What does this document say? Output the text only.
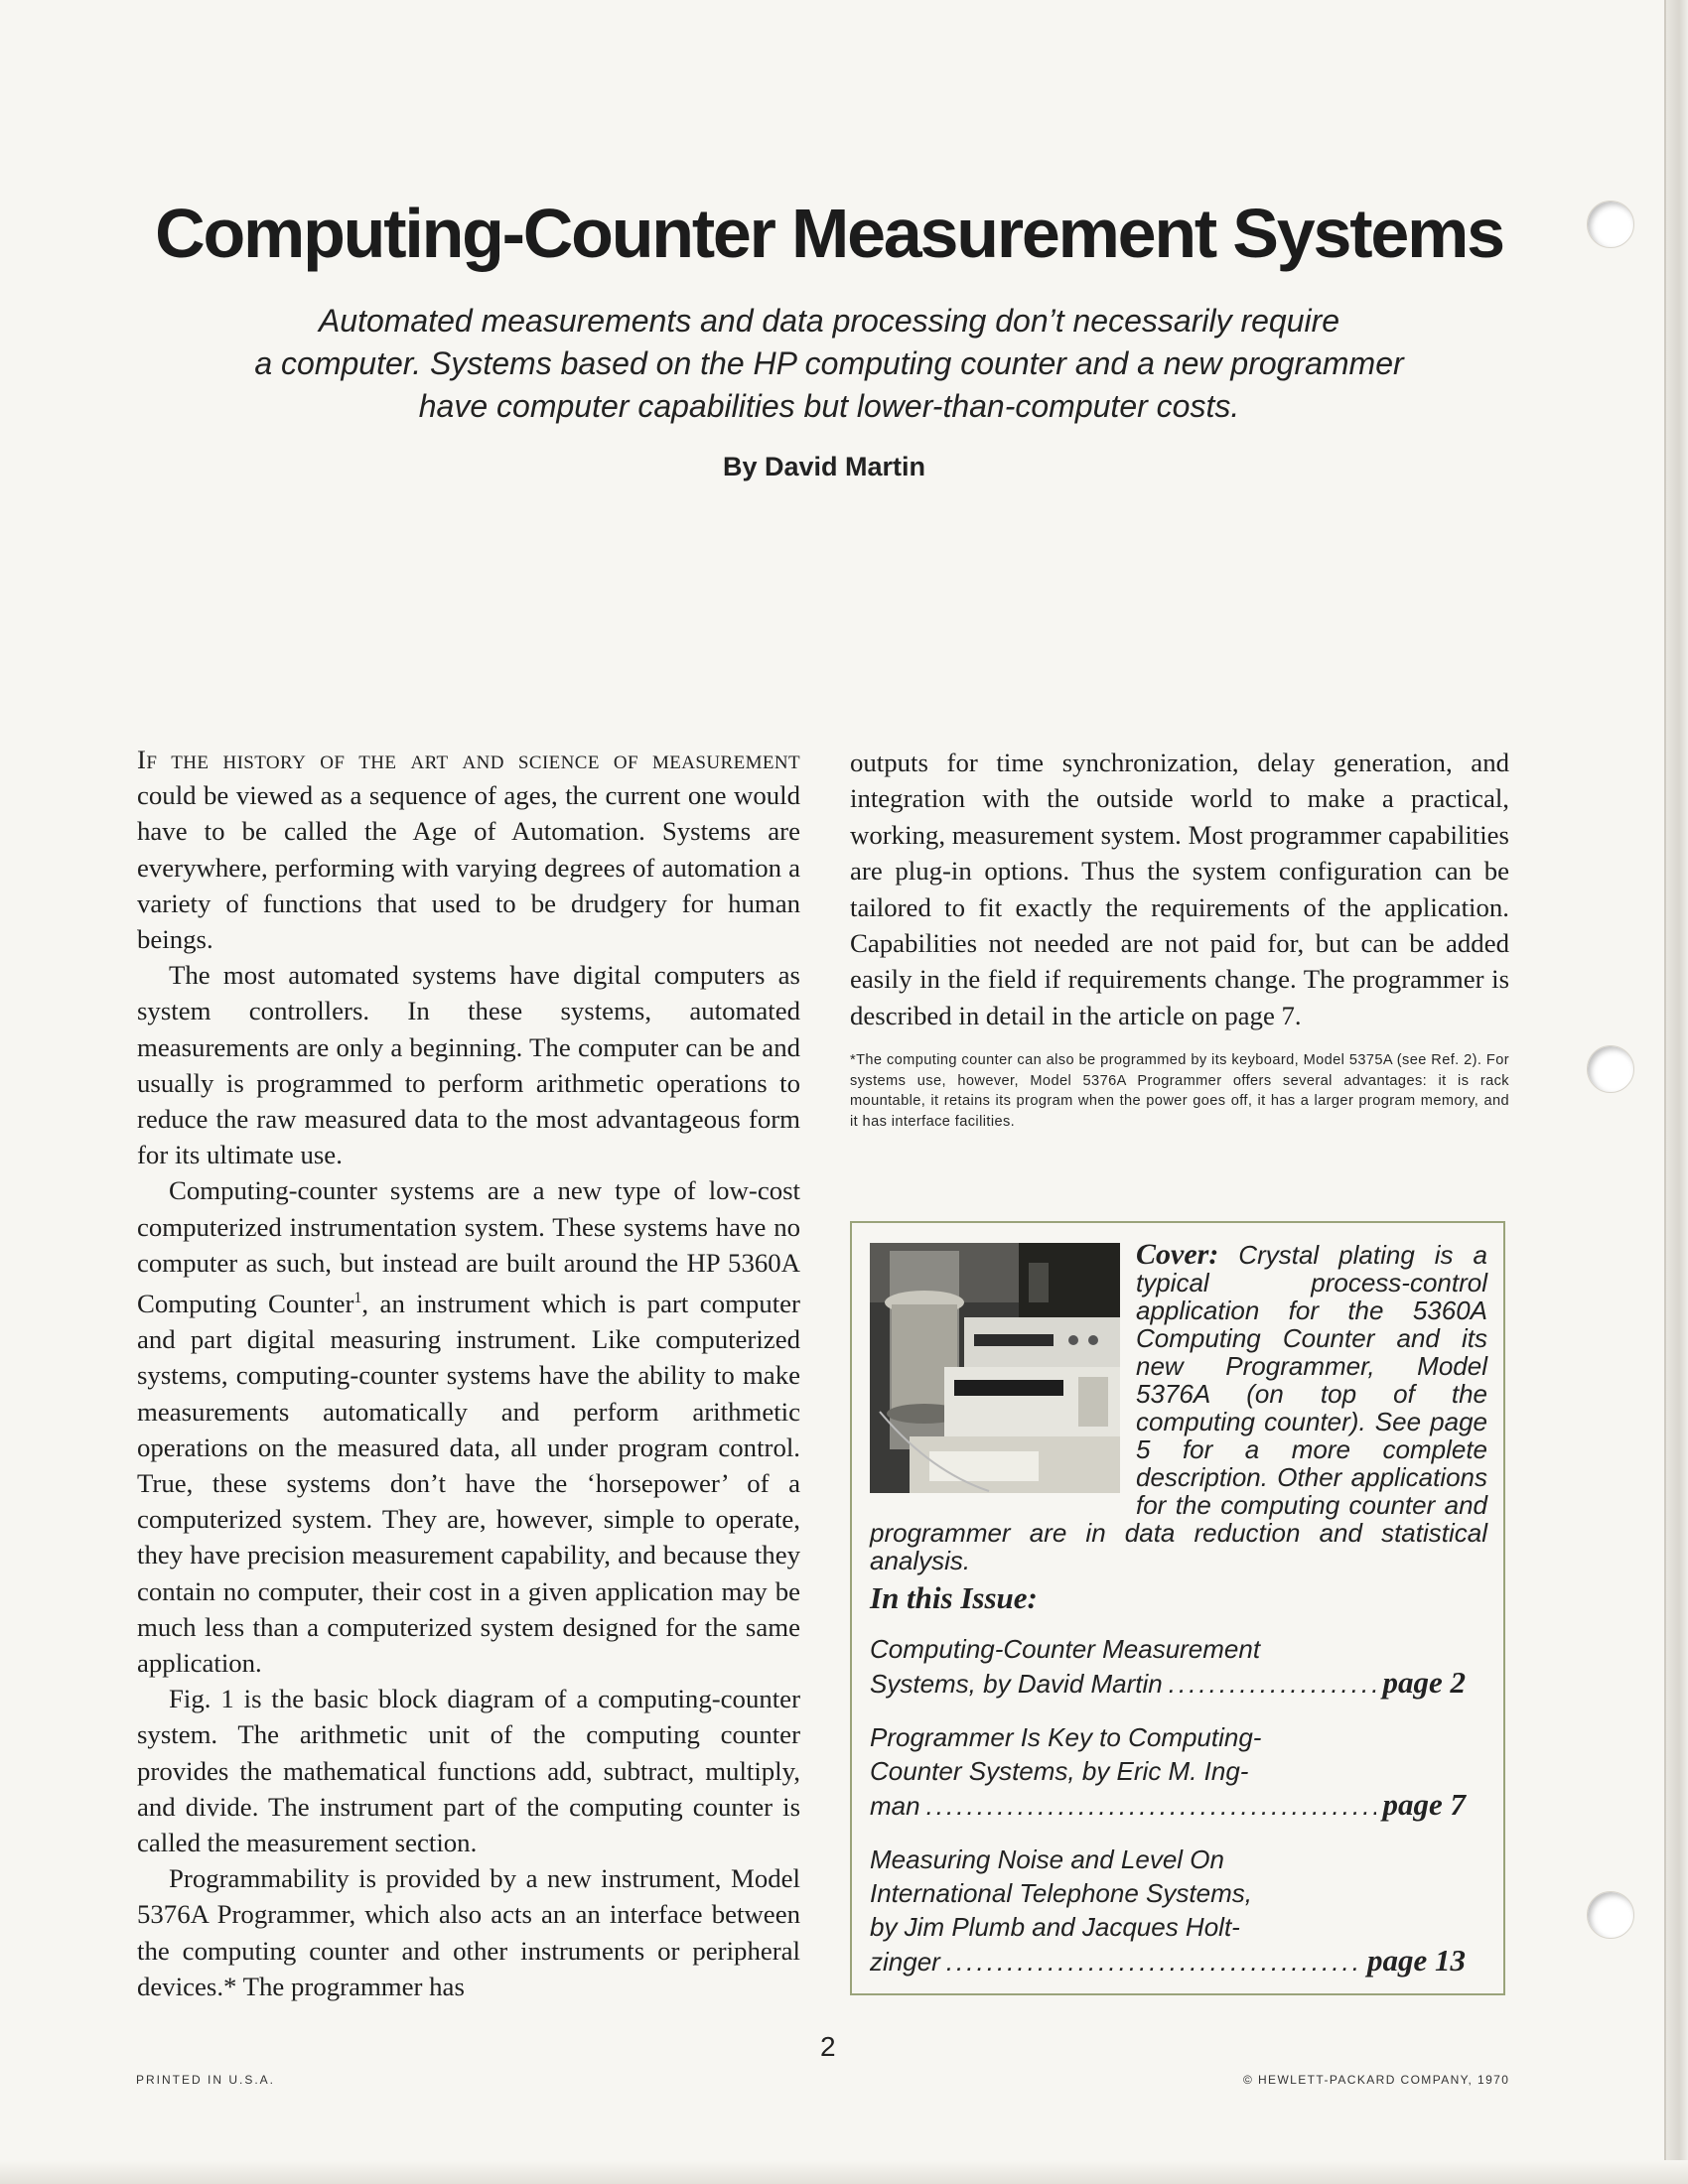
Computing-Counter Measurement Systems
Automated measurements and data processing don’t necessarily require
a computer. Systems based on the HP computing counter and a new programmer
have computer capabilities but lower-than-computer costs.

By David Martin

If the history of the art and science of measurement could be viewed as a sequence of ages, the current one would have to be called the Age of Automation. Systems are everywhere, performing with varying degrees of automation a variety of functions that used to be drudgery for human beings.

The most automated systems have digital computers as system controllers. In these systems, automated measurements are only a beginning. The computer can be and usually is programmed to perform arithmetic operations to reduce the raw measured data to the most advantageous form for its ultimate use.

Computing-counter systems are a new type of low-cost computerized instrumentation system. These systems have no computer as such, but instead are built around the HP 5360A Computing Counter$^1$, an instrument which is part computer and part digital measuring instrument. Like computerized systems, computing-counter systems have the ability to make measurements automatically and perform arithmetic operations on the measured data, all under program control. True, these systems don’t have the ‘horsepower’ of a computerized system. They are, however, simple to operate, they have precision measurement capability, and because they contain no computer, their cost in a given application may be much less than a computerized system designed for the same application.

Fig. 1 is the basic block diagram of a computing-counter system. The arithmetic unit of the computing counter provides the mathematical functions add, subtract, multiply, and divide. The instrument part of the computing counter is called the measurement section.

Programmability is provided by a new instrument, Model 5376A Programmer, which also acts an an interface between the computing counter and other instruments or peripheral devices.* The programmer has

outputs for time synchronization, delay generation, and integration with the outside world to make a practical, working, measurement system. Most programmer capabilities are plug-in options. Thus the system configuration can be tailored to fit exactly the requirements of the application. Capabilities not needed are not paid for, but can be added easily in the field if requirements change. The programmer is described in detail in the article on page 7.

*The computing counter can also be programmed by its keyboard, Model 5375A (see Ref. 2). For systems use, however, Model 5376A Programmer offers several advantages: it is rack mountable, it retains its program when the power goes off, it has a larger program memory, and it has interface facilities.

Cover: Crystal plating is a typical process-control application for the 5360A Computing Counter and its new Programmer, Model 5376A (on top of the computing counter). See page 5 for a more complete description. Other applications for the computing counter and programmer are in data reduction and statistical analysis.

In this Issue:
Computing-Counter Measurement
Systems, by David Martin .....	page 2
Programmer Is Key to Computing-
Counter Systems, by Eric M. Ing-
man .....	page 7
Measuring Noise and Level On
International Telephone Systems,
by Jim Plumb and Jacques Holt-
zinger .....	page 13

2

PRINTED IN U.S.A.	© HEWLETT-PACKARD COMPANY, 1970
